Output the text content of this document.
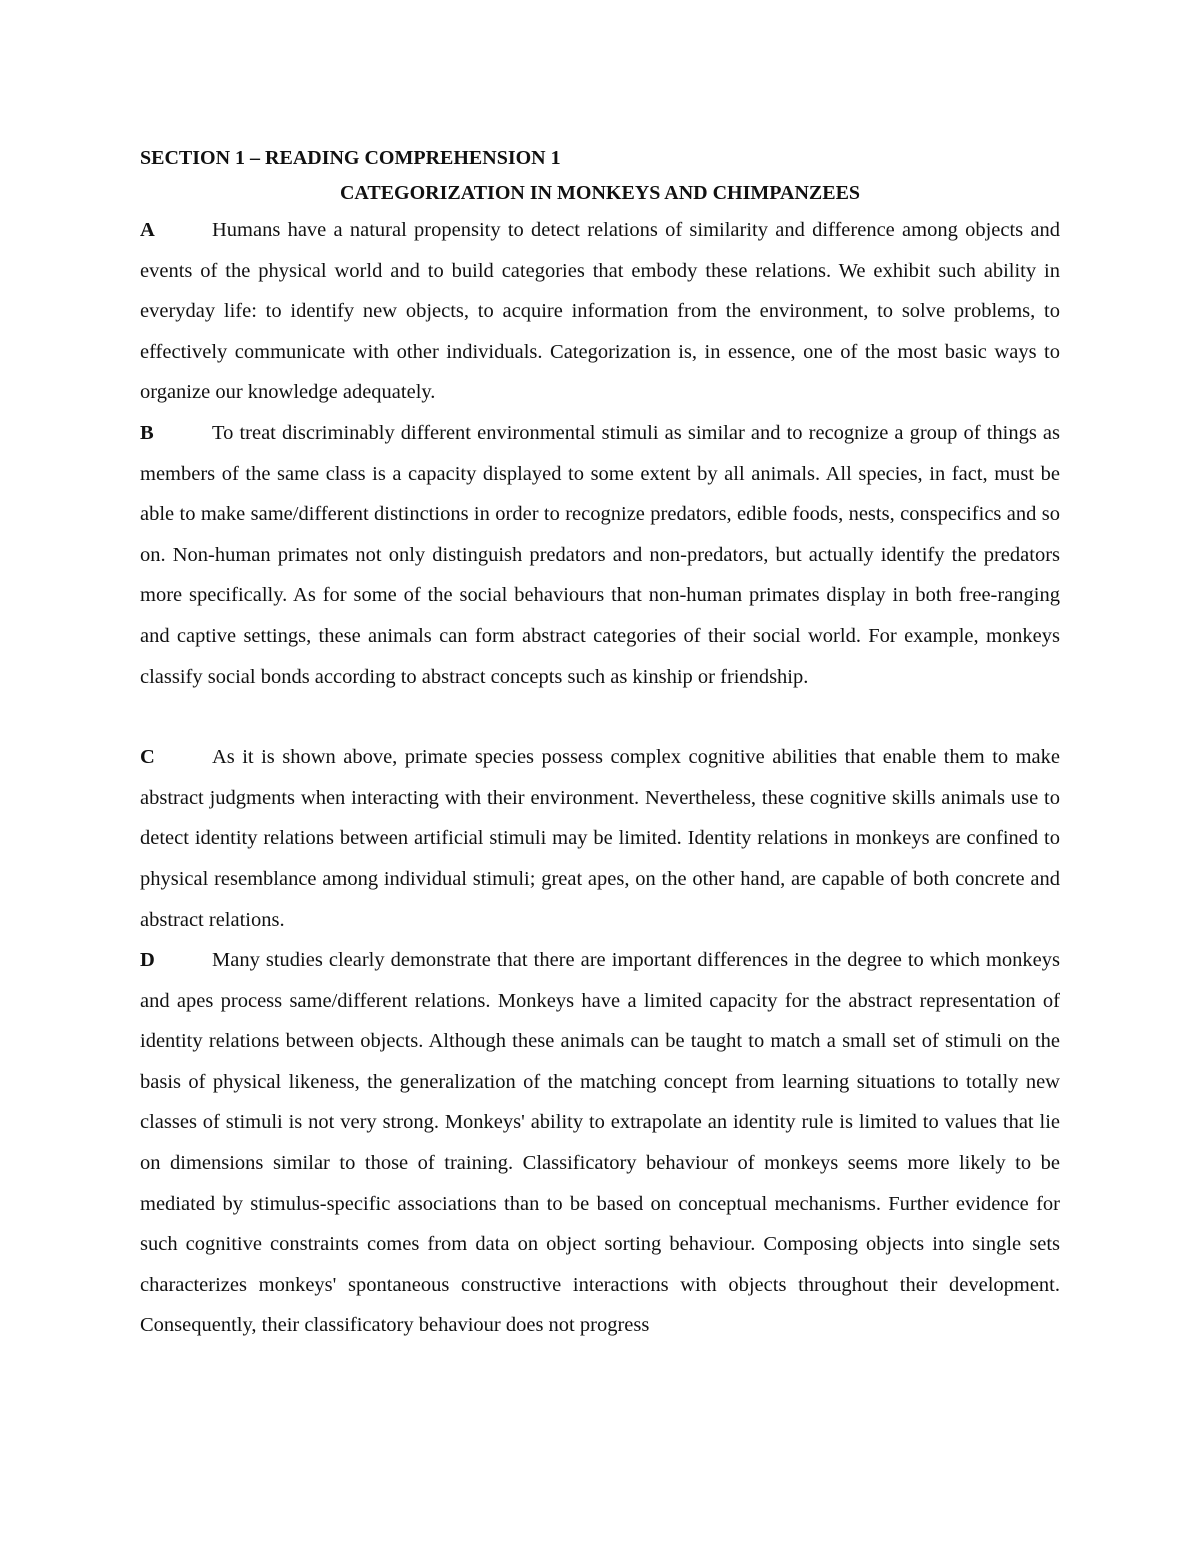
SECTION 1 – READING COMPREHENSION 1

CATEGORIZATION IN MONKEYS AND CHIMPANZEES

A	Humans have a natural propensity to detect relations of similarity and difference among objects and events of the physical world and to build categories that embody these relations. We exhibit such ability in everyday life: to identify new objects, to acquire information from the environment, to solve problems, to effectively communicate with other individuals. Categorization is, in essence, one of the most basic ways to organize our knowledge adequately.

B	To treat discriminably different environmental stimuli as similar and to recognize a group of things as members of the same class is a capacity displayed to some extent by all animals. All species, in fact, must be able to make same/different distinctions in order to recognize predators, edible foods, nests, conspecifics and so on. Non-human primates not only distinguish predators and non-predators, but actually identify the predators more specifically. As for some of the social behaviours that non-human primates display in both free-ranging and captive settings, these animals can form abstract categories of their social world. For example, monkeys classify social bonds according to abstract concepts such as kinship or friendship.

C	As it is shown above, primate species possess complex cognitive abilities that enable them to make abstract judgments when interacting with their environment. Nevertheless, these cognitive skills animals use to detect identity relations between artificial stimuli may be limited. Identity relations in monkeys are confined to physical resemblance among individual stimuli; great apes, on the other hand, are capable of both concrete and abstract relations.

D	Many studies clearly demonstrate that there are important differences in the degree to which monkeys and apes process same/different relations. Monkeys have a limited capacity for the abstract representation of identity relations between objects. Although these animals can be taught to match a small set of stimuli on the basis of physical likeness, the generalization of the matching concept from learning situations to totally new classes of stimuli is not very strong. Monkeys' ability to extrapolate an identity rule is limited to values that lie on dimensions similar to those of training. Classificatory behaviour of monkeys seems more likely to be mediated by stimulus-specific associations than to be based on conceptual mechanisms. Further evidence for such cognitive constraints comes from data on object sorting behaviour. Composing objects into single sets characterizes monkeys' spontaneous constructive interactions with objects throughout their development. Consequently, their classificatory behaviour does not progress
